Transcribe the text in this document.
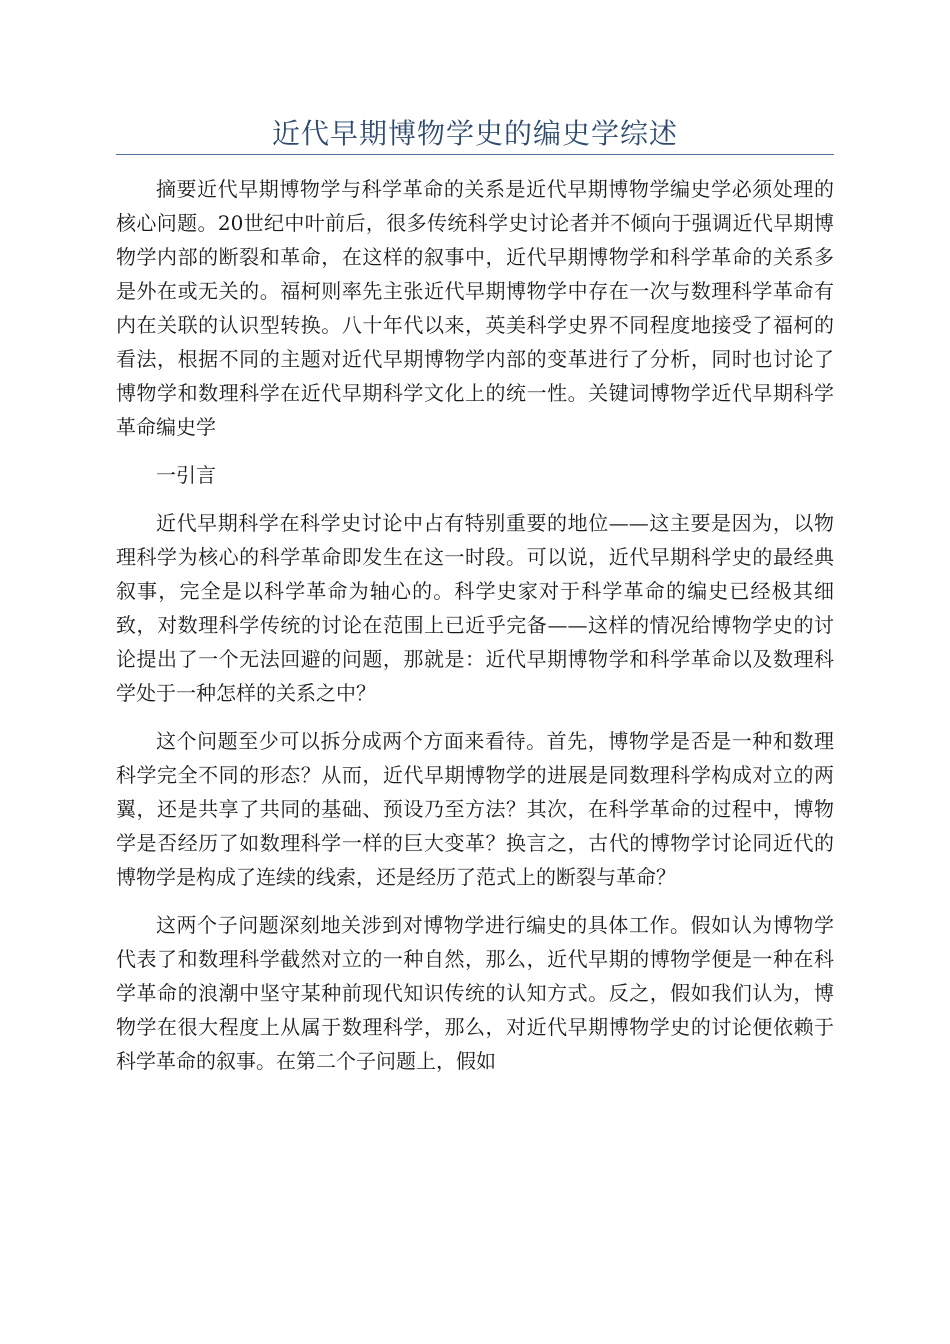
近代早期博物学史的编史学综述

摘要近代早期博物学与科学革命的关系是近代早期博物学编史学必须处理的核心问题。20世纪中叶前后，很多传统科学史讨论者并不倾向于强调近代早期博物学内部的断裂和革命，在这样的叙事中，近代早期博物学和科学革命的关系多是外在或无关的。福柯则率先主张近代早期博物学中存在一次与数理科学革命有内在关联的认识型转换。八十年代以来，英美科学史界不同程度地接受了福柯的看法，根据不同的主题对近代早期博物学内部的变革进行了分析，同时也讨论了博物学和数理科学在近代早期科学文化上的统一性。关键词博物学近代早期科学革命编史学

一引言

近代早期科学在科学史讨论中占有特别重要的地位——这主要是因为，以物理科学为核心的科学革命即发生在这一时段。可以说，近代早期科学史的最经典叙事，完全是以科学革命为轴心的。科学史家对于科学革命的编史已经极其细致，对数理科学传统的讨论在范围上已近乎完备——这样的情况给博物学史的讨论提出了一个无法回避的问题，那就是：近代早期博物学和科学革命以及数理科学处于一种怎样的关系之中？

这个问题至少可以拆分成两个方面来看待。首先，博物学是否是一种和数理科学完全不同的形态？从而，近代早期博物学的进展是同数理科学构成对立的两翼，还是共享了共同的基础、预设乃至方法？其次，在科学革命的过程中，博物学是否经历了如数理科学一样的巨大变革？换言之，古代的博物学讨论同近代的博物学是构成了连续的线索，还是经历了范式上的断裂与革命？

这两个子问题深刻地关涉到对博物学进行编史的具体工作。假如认为博物学代表了和数理科学截然对立的一种自然，那么，近代早期的博物学便是一种在科学革命的浪潮中坚守某种前现代知识传统的认知方式。反之，假如我们认为，博物学在很大程度上从属于数理科学，那么，对近代早期博物学史的讨论便依赖于科学革命的叙事。在第二个子问题上，假如
